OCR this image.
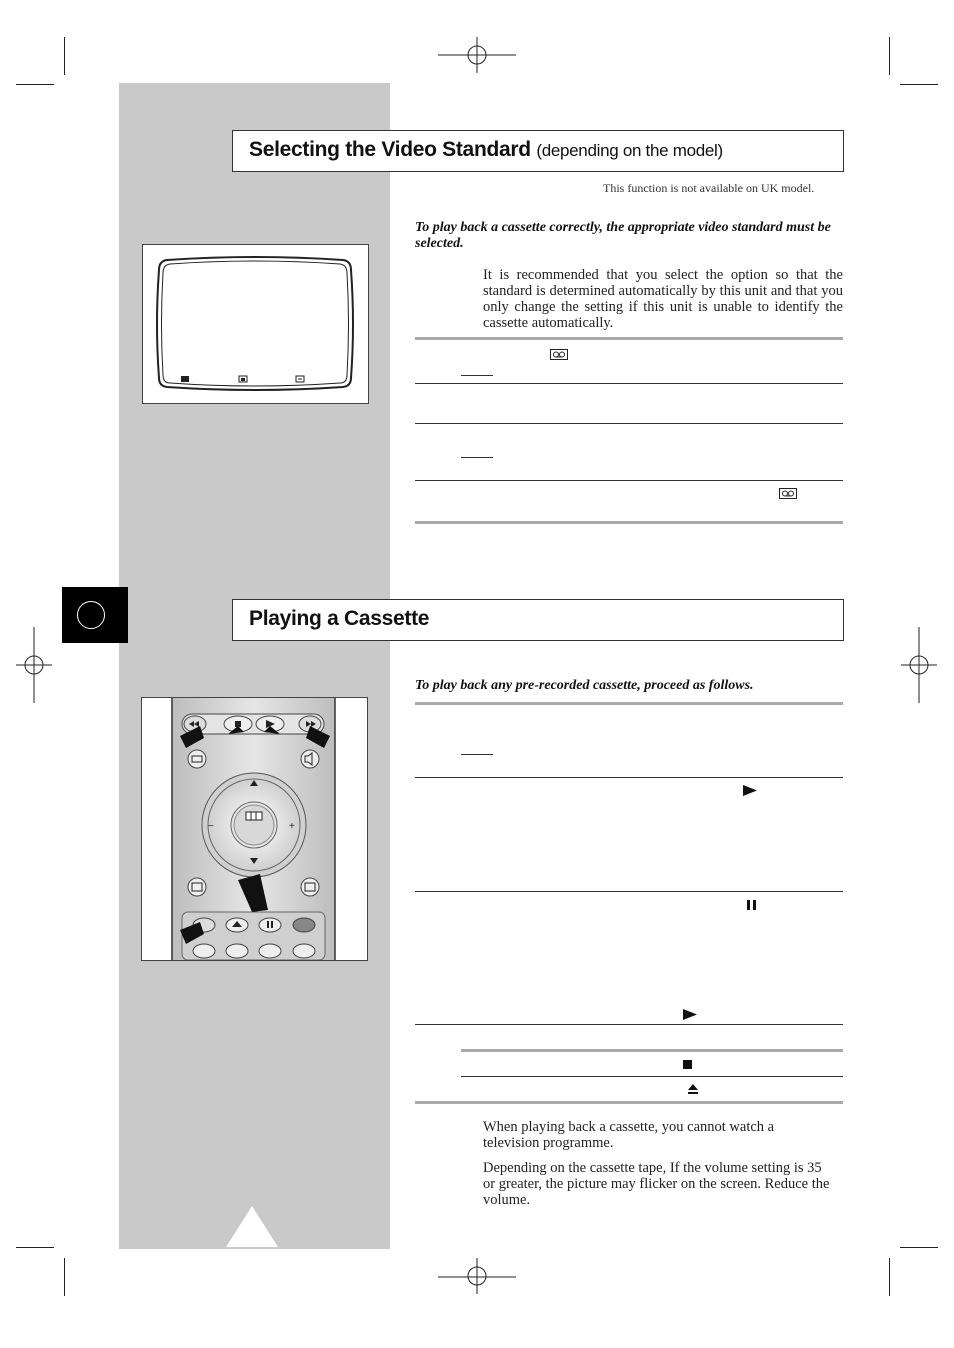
Selecting the Video Standard (depending on the model)
This function is not available on UK model.
To play back a cassette correctly, the appropriate video standard must be selected.
It is recommended that you select the option so that the standard is determined automatically by this unit and that you only change the setting if this unit is unable to identify the cassette automatically.
Playing a Cassette
To play back any pre-recorded cassette, proceed as follows.
−	+
When playing back a cassette, you cannot watch a television programme.
Depending on the cassette tape, If the volume setting is 35 or greater, the picture may flicker on the screen. Reduce the volume.
